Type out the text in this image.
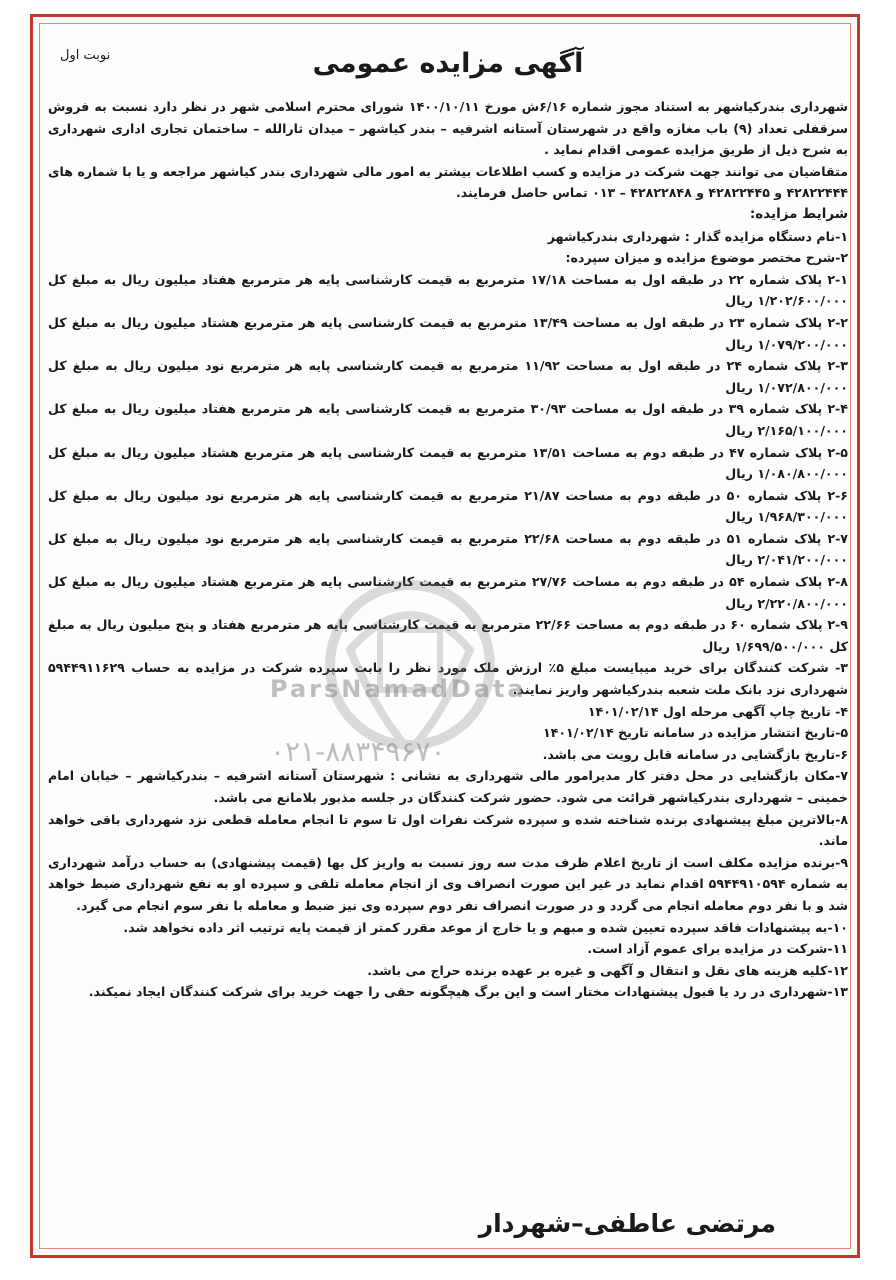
نوبت اول	آگهی مزایده عمومی

شهرداری بندرکیاشهر به استناد مجوز شماره ۶/۱۶ش مورخ ۱۴۰۰/۱۰/۱۱ شورای محترم اسلامی شهر در نظر دارد نسبت به فروش سرقفلی تعداد (۹) باب مغازه واقع در شهرستان آستانه اشرفیه – بندر کیاشهر – میدان ثارالله – ساختمان تجاری اداری شهرداری به شرح ذیل از طریق مزایده عمومی اقدام نماید .

متقاضیان می توانند جهت شرکت در مزایده و کسب اطلاعات بیشتر به امور مالی شهرداری بندر کیاشهر مراجعه و یا با شماره های ۴۲۸۲۲۴۴۴ و ۴۲۸۲۲۴۴۵ و ۴۲۸۲۲۸۴۸ – ۰۱۳ تماس حاصل فرمایند.

شرایط مزایده:

۱-نام دستگاه مزایده گذار : شهرداری بندرکیاشهر

۲-شرح مختصر موضوع مزایده و میزان سپرده:

۲-۱ پلاک شماره ۲۲ در طبقه اول به مساحت ۱۷/۱۸ مترمربع به قیمت کارشناسی پایه هر مترمربع هفتاد میلیون ریال به مبلغ کل ۱/۲۰۲/۶۰۰/۰۰۰ ریال

۲-۲ پلاک شماره ۲۳ در طبقه اول به مساحت ۱۳/۴۹ مترمربع به قیمت کارشناسی پایه هر مترمربع هشتاد میلیون ریال به مبلغ کل ۱/۰۷۹/۲۰۰/۰۰۰ ریال

۲-۳ پلاک شماره ۲۴ در طبقه اول به مساحت ۱۱/۹۲ مترمربع به قیمت کارشناسی پایه هر مترمربع نود میلیون ریال به مبلغ کل ۱/۰۷۲/۸۰۰/۰۰۰ ریال

۲-۴ پلاک شماره ۳۹ در طبقه اول به مساحت ۳۰/۹۳ مترمربع به قیمت کارشناسی پایه هر مترمربع هفتاد میلیون ریال به مبلغ کل ۲/۱۶۵/۱۰۰/۰۰۰ ریال

۲-۵ پلاک شماره ۴۷ در طبقه دوم به مساحت ۱۳/۵۱ مترمربع به قیمت کارشناسی پایه هر مترمربع هشتاد میلیون ریال به مبلغ کل ۱/۰۸۰/۸۰۰/۰۰۰ ریال

۲-۶ پلاک شماره ۵۰ در طبقه دوم به مساحت ۲۱/۸۷ مترمربع به قیمت کارشناسی پایه هر مترمربع نود میلیون ریال به مبلغ کل ۱/۹۶۸/۳۰۰/۰۰۰ ریال

۲-۷ پلاک شماره ۵۱ در طبقه دوم به مساحت ۲۲/۶۸ مترمربع به قیمت کارشناسی پایه هر مترمربع نود میلیون ریال به مبلغ کل ۲/۰۴۱/۲۰۰/۰۰۰ ریال

۲-۸ پلاک شماره ۵۴ در طبقه دوم به مساحت ۲۷/۷۶ مترمربع به قیمت کارشناسی پایه هر مترمربع هشتاد میلیون ریال به مبلغ کل ۲/۲۲۰/۸۰۰/۰۰۰ ریال

۲-۹ پلاک شماره ۶۰ در طبقه دوم به مساحت ۲۲/۶۶ مترمربع به قیمت کارشناسی پایه هر مترمربع هفتاد و پنج میلیون ریال به مبلغ کل ۱/۶۹۹/۵۰۰/۰۰۰ ریال

۳- شرکت کنندگان برای خرید میبایست مبلغ ۵٪ ارزش ملک مورد نظر را بابت سپرده شرکت در مزایده به حساب ۵۹۴۴۹۱۱۶۲۹ شهرداری نزد بانک ملت شعبه بندرکیاشهر واریز نمایند.

۴- تاریخ چاپ آگهی مرحله اول ۱۴۰۱/۰۲/۱۴

۵-تاریخ انتشار مزایده در سامانه تاریخ ۱۴۰۱/۰۲/۱۴

۶-تاریخ بازگشایی در سامانه قابل رویت می باشد.

۷-مکان بازگشایی در محل دفتر کار مدیرامور مالی شهرداری به نشانی : شهرستان آستانه اشرفیه – بندرکیاشهر – خیابان امام خمینی – شهرداری بندرکیاشهر قرائت می شود. حضور شرکت کنندگان در جلسه مذبور بلامانع می باشد.

۸-بالاترین مبلغ پیشنهادی برنده شناخته شده و سپرده شرکت نفرات اول تا سوم تا انجام معامله قطعی نزد شهرداری باقی خواهد ماند.

۹-برنده مزایده مکلف است از تاریخ اعلام ظرف مدت سه روز نسبت به واریز کل بها (قیمت پیشنهادی) به حساب درآمد شهرداری به شماره ۵۹۴۴۹۱۰۵۹۴ اقدام نماید در غیر این صورت انصراف وی از انجام معامله تلقی و سپرده او به نفع شهرداری ضبط خواهد شد و با نفر دوم معامله انجام می گردد و در صورت انصراف نفر دوم سپرده وی نیز ضبط و معامله با نفر سوم انجام می گیرد.

۱۰-به پیشنهادات فاقد سپرده تعیین شده و مبهم و یا خارج از موعد مقرر کمتر از قیمت پایه ترتیب اثر داده نخواهد شد.

۱۱-شرکت در مزایده برای عموم آزاد است.

۱۲-کلیه هزینه های نقل و انتقال و آگهی و غیره بر عهده برنده حراج می باشد.

۱۳-شهرداری در رد یا قبول پیشنهادات مختار است و این برگ هیچگونه حقی را جهت خرید برای شرکت کنندگان ایجاد نمیکند.

ParsNamadData
۰۲۱-۸۸۳۴۹۶۷۰
مرتضی عاطفی–شهردار
